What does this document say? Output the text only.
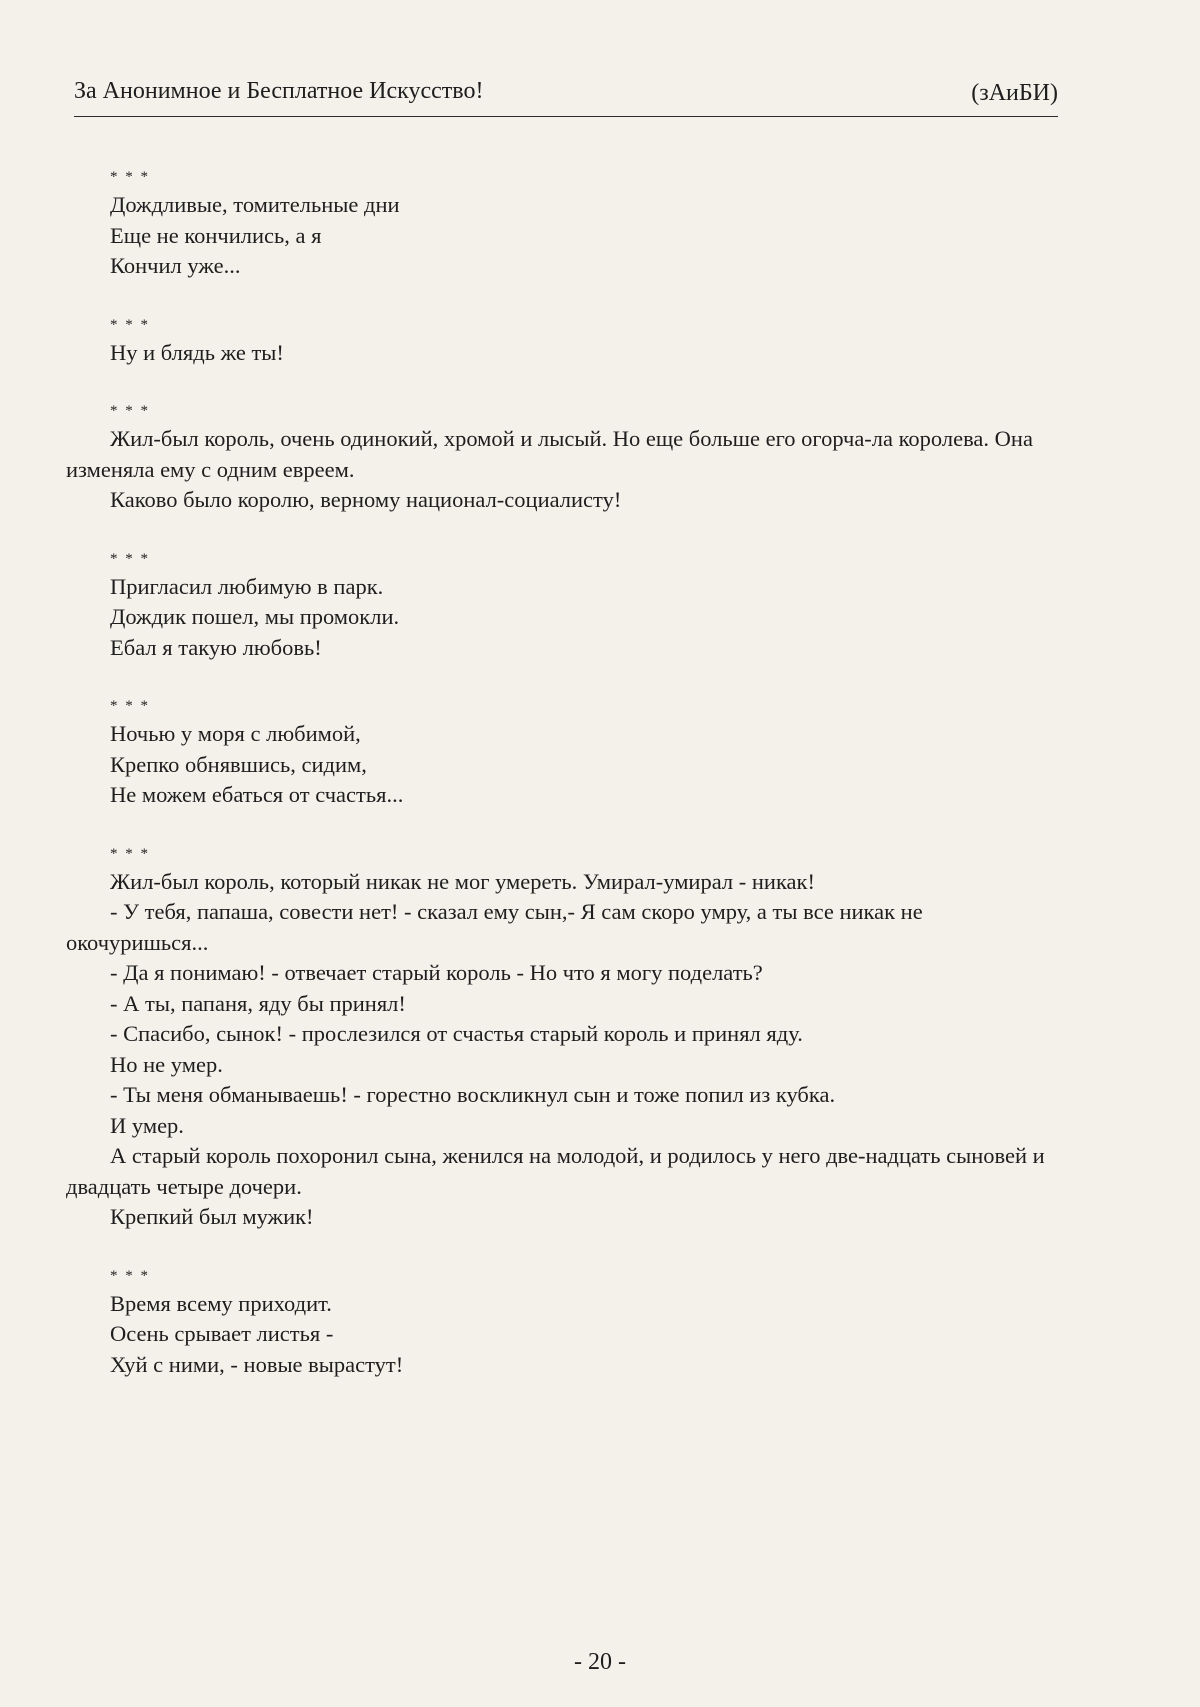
За Анонимное и Бесплатное Искусство!	(зАиБИ)
* * *
Дождливые, томительные дни
Еще не кончились, а я
Кончил уже...
* * *
Ну и блядь же ты!
* * *

Жил-был король, очень одинокий, хромой и лысый. Но еще больше его огорча-ла королева. Она изменяла ему с одним евреем.

Каково было королю, верному национал-социалисту!

* * *
Пригласил любимую в парк.
Дождик пошел, мы промокли.
Ебал я такую любовь!
* * *
Ночью у моря с любимой,
Крепко обнявшись, сидим,
Не можем ебаться от счастья...
* * *

Жил-был король, который никак не мог умереть. Умирал-умирал - никак!

- У тебя, папаша, совести нет! - сказал ему сын,- Я сам скоро умру, а ты все никак не окочуришься...

- Да я понимаю! - отвечает старый король - Но что я могу поделать?

- А ты, папаня, яду бы принял!

- Спасибо, сынок! - прослезился от счастья старый король и принял яду.

Но не умер.

- Ты меня обманываешь! - горестно воскликнул сын и тоже попил из кубка.

И умер.

А старый король похоронил сына, женился на молодой, и родилось у него две-надцать сыновей и двадцать четыре дочери.

Крепкий был мужик!

* * *
Время всему приходит.
Осень срывает листья -
Хуй с ними, - новые вырастут!
- 20 -
